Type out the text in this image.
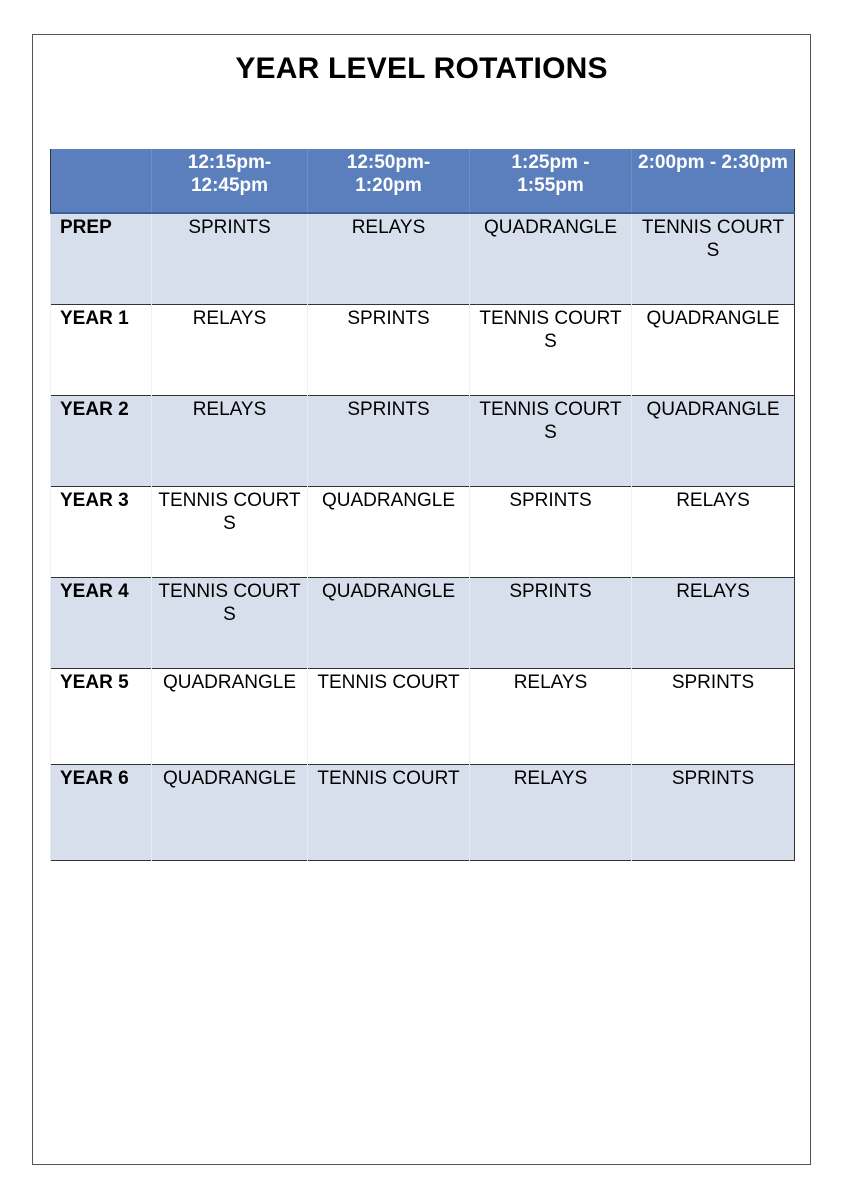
YEAR LEVEL ROTATIONS
	12:15pm-12:45pm	12:50pm-1:20pm	1:25pm - 1:55pm	2:00pm - 2:30pm
PREP	SPRINTS	RELAYS	QUADRANGLE	TENNIS COURTS
YEAR 1	RELAYS	SPRINTS	TENNIS COURTS	QUADRANGLE
YEAR 2	RELAYS	SPRINTS	TENNIS COURTS	QUADRANGLE
YEAR 3	TENNIS COURTS	QUADRANGLE	SPRINTS	RELAYS
YEAR 4	TENNIS COURTS	QUADRANGLE	SPRINTS	RELAYS
YEAR 5	QUADRANGLE	TENNIS COURT	RELAYS	SPRINTS
YEAR 6	QUADRANGLE	TENNIS COURT	RELAYS	SPRINTS
